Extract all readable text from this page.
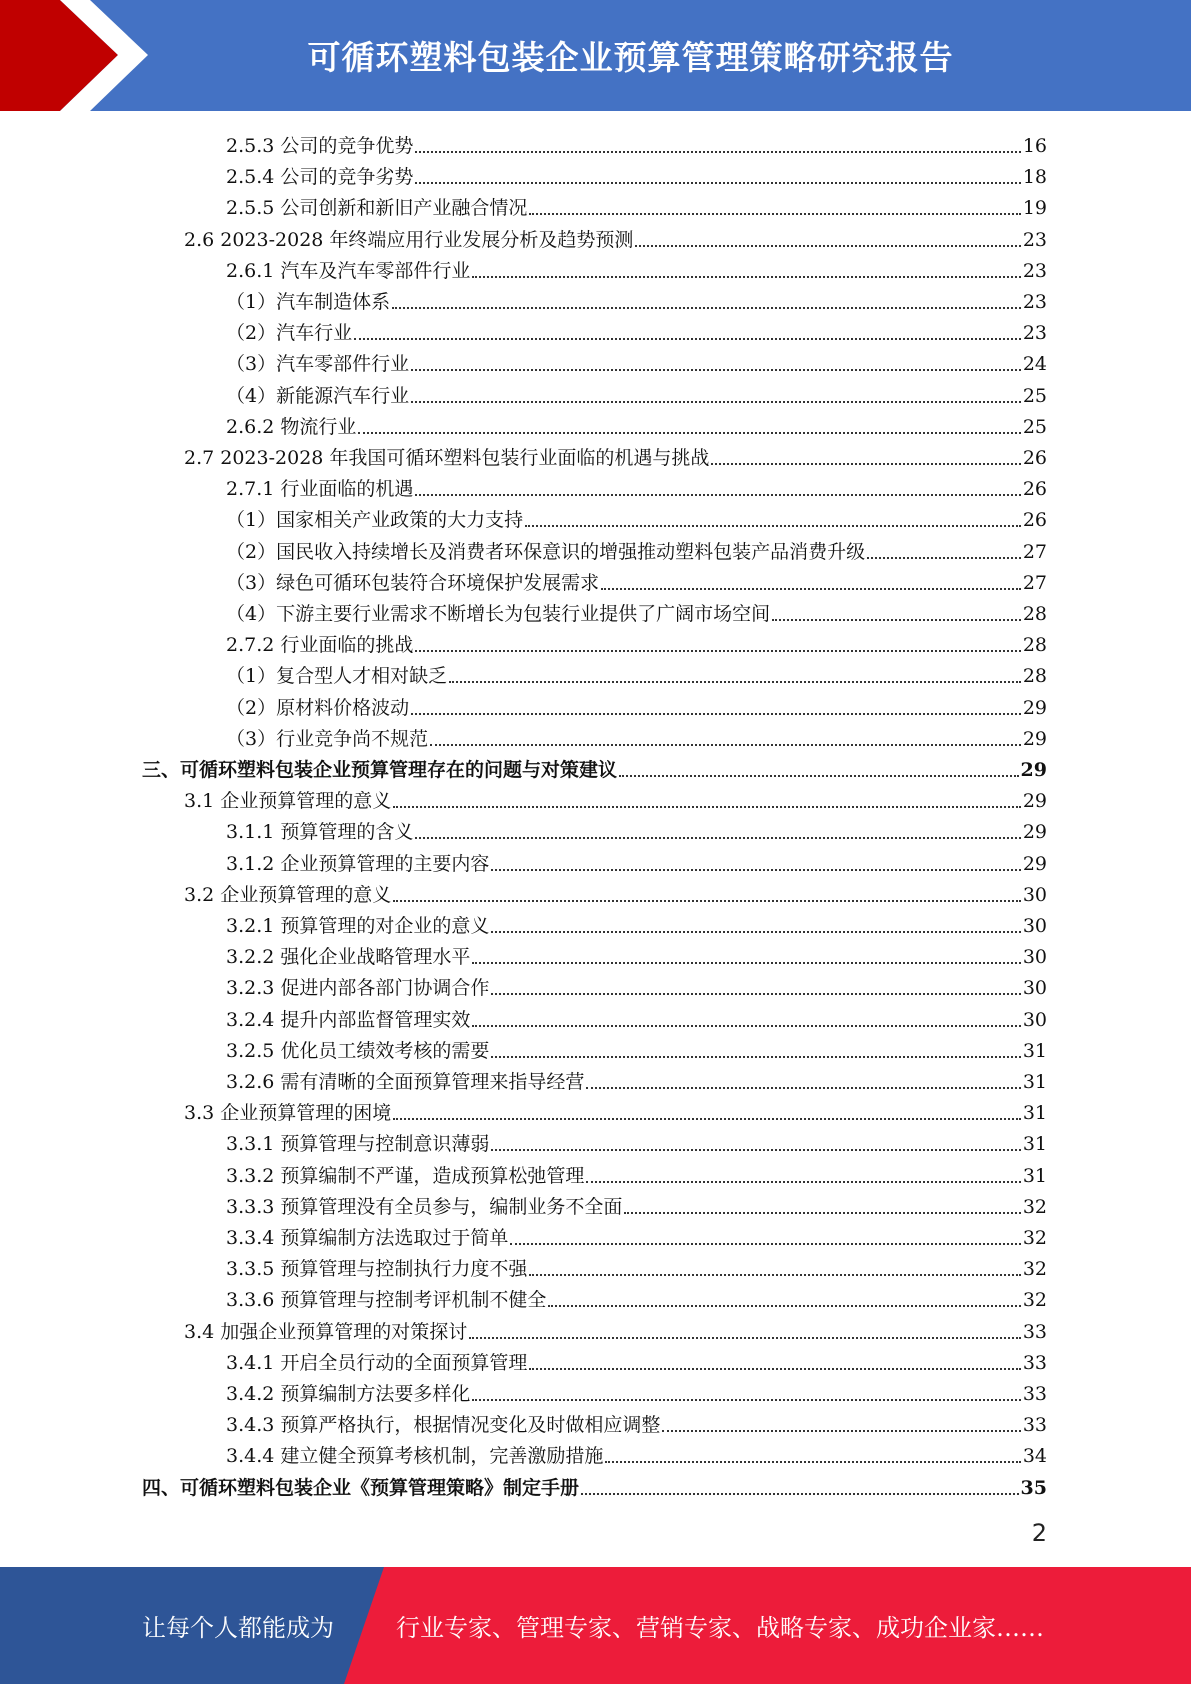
可循环塑料包装企业预算管理策略研究报告
2.5.3 公司的竞争优势	16
2.5.4 公司的竞争劣势	18
2.5.5 公司创新和新旧产业融合情况	19
2.6 2023-2028 年终端应用行业发展分析及趋势预测	23
2.6.1 汽车及汽车零部件行业	23
（1）汽车制造体系	23
（2）汽车行业	23
（3）汽车零部件行业	24
（4）新能源汽车行业	25
2.6.2 物流行业	25
2.7 2023-2028 年我国可循环塑料包装行业面临的机遇与挑战	26
2.7.1 行业面临的机遇	26
（1）国家相关产业政策的大力支持	26
（2）国民收入持续增长及消费者环保意识的增强推动塑料包装产品消费升级	27
（3）绿色可循环包装符合环境保护发展需求	27
（4）下游主要行业需求不断增长为包装行业提供了广阔市场空间	28
2.7.2 行业面临的挑战	28
（1）复合型人才相对缺乏	28
（2）原材料价格波动	29
（3）行业竞争尚不规范	29
三、可循环塑料包装企业预算管理存在的问题与对策建议	29
3.1 企业预算管理的意义	29
3.1.1 预算管理的含义	29
3.1.2 企业预算管理的主要内容	29
3.2 企业预算管理的意义	30
3.2.1 预算管理的对企业的意义	30
3.2.2 强化企业战略管理水平	30
3.2.3 促进内部各部门协调合作	30
3.2.4 提升内部监督管理实效	30
3.2.5 优化员工绩效考核的需要	31
3.2.6 需有清晰的全面预算管理来指导经营	31
3.3 企业预算管理的困境	31
3.3.1 预算管理与控制意识薄弱	31
3.3.2 预算编制不严谨，造成预算松弛管理	31
3.3.3 预算管理没有全员参与，编制业务不全面	32
3.3.4 预算编制方法选取过于简单	32
3.3.5 预算管理与控制执行力度不强	32
3.3.6 预算管理与控制考评机制不健全	32
3.4 加强企业预算管理的对策探讨	33
3.4.1 开启全员行动的全面预算管理	33
3.4.2 预算编制方法要多样化	33
3.4.3 预算严格执行，根据情况变化及时做相应调整	33
3.4.4 建立健全预算考核机制，完善激励措施	34
四、可循环塑料包装企业《预算管理策略》制定手册	35
2
让每个人都能成为	行业专家、管理专家、营销专家、战略专家、成功企业家……
